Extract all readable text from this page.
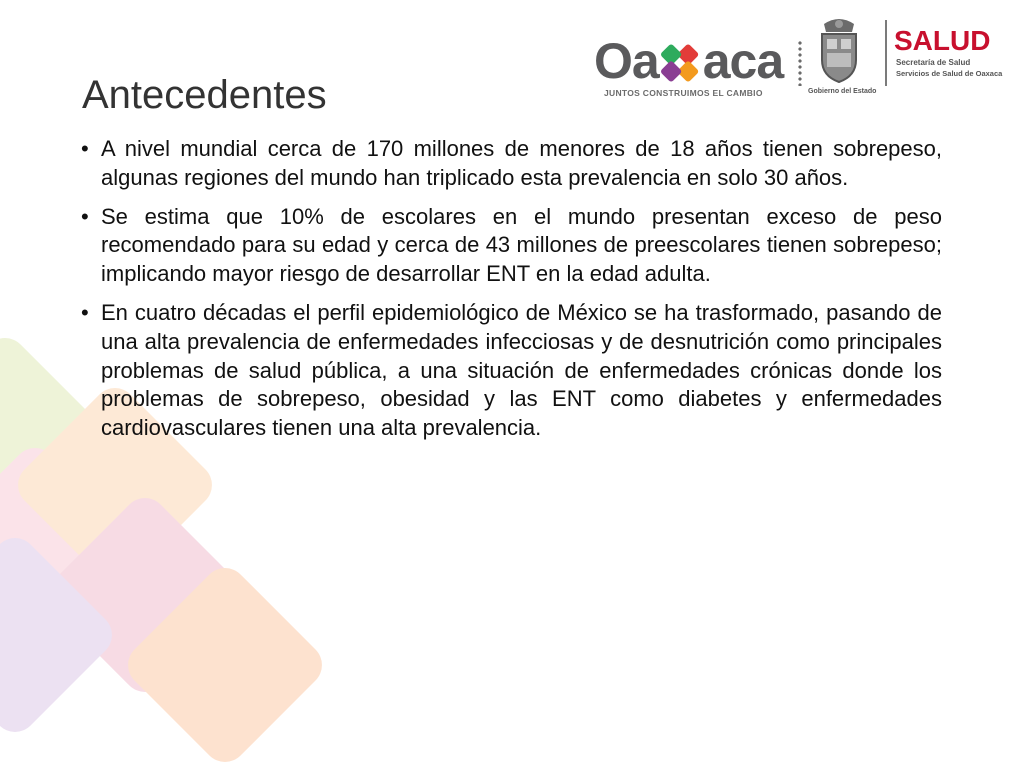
Oa aca
JUNTOS CONSTRUIMOS EL CAMBIO	Gobierno del Estado
SALUD
Secretaría de Salud
Servicios de Salud de Oaxaca
Antecedentes
• A nivel mundial cerca de 170 millones de menores de 18 años tienen sobrepeso, algunas regiones del mundo han triplicado esta prevalencia en solo 30 años.
• Se estima que 10% de escolares en el mundo presentan exceso de peso recomendado para su edad y cerca de 43 millones de preescolares tienen sobrepeso; implicando mayor riesgo de desarrollar ENT en la edad adulta.
• En cuatro décadas el perfil epidemiológico de México se ha trasformado, pasando de una alta prevalencia de enfermedades infecciosas y de desnutrición como principales problemas de salud pública, a una situación de enfermedades crónicas donde los problemas de sobrepeso, obesidad y las ENT como diabetes y enfermedades cardiovasculares tienen una alta prevalencia.
